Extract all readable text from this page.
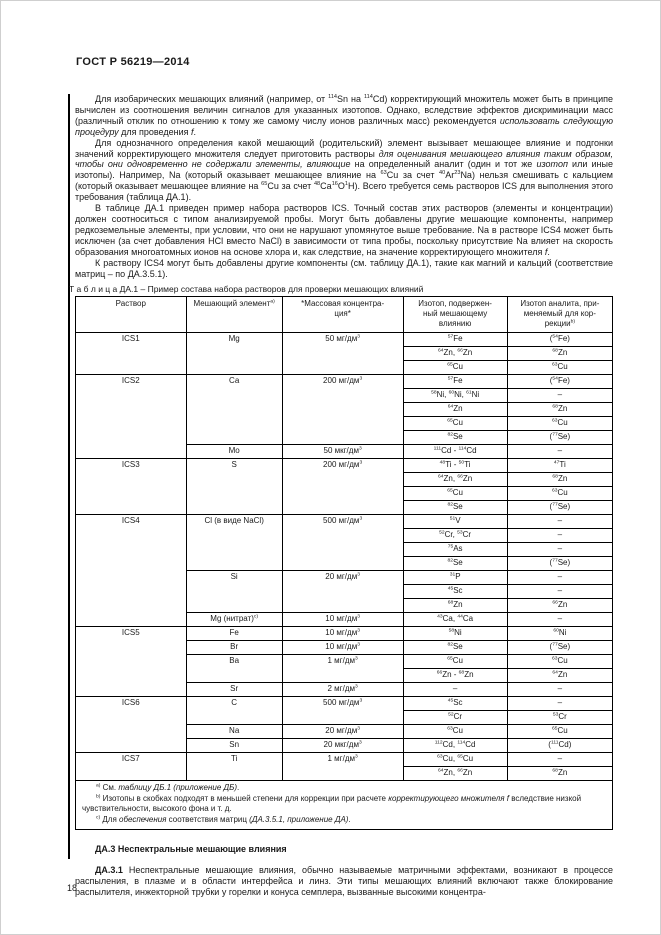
ГОСТ Р 56219—2014

Для изобарических мешающих влияний (например, от $^{114}$Sn на $^{114}$Cd) корректирующий множитель может быть в принципе вычислен из соотношения величин сигналов для указанных изотопов. Однако, вследствие эффектов дискриминации масс (различный отклик по отношению к тому же самому числу ионов различных масс) рекомендуется использовать следующую процедуру для проведения f.

Для однозначного определения какой мешающий (родительский) элемент вызывает мешающее влияние и подгонки значений корректирующего множителя следует приготовить растворы для оценивания мешающего влияния таким образом, чтобы они одновременно не содержали элементы, влияющие на определенный аналит (один и тот же изотоп или иные изотопы). Например, Na (который оказывает мешающее влияние на $^{63}$Cu за счет $^{40}$Ar$^{23}$Na) нельзя смешивать с кальцием (который оказывает мешающее влияние на $^{65}$Cu за счет $^{48}Ca^{16}O^1H$). Всего требуется семь растворов ICS для выполнения этого требования (таблица ДА.1).

В таблице ДА.1 приведен пример набора растворов ICS. Точный состав этих растворов (элементы и концентрации) должен соотноситься с типом анализируемой пробы. Могут быть добавлены другие мешающие компоненты, например редкоземельные элементы, при условии, что они не нарушают упомянутое выше требование. Na в растворе ICS4 может быть исключен (за счет добавления HCl вместо NaCl) в зависимости от типа пробы, поскольку присутствие Na влияет на скорость образования многоатомных ионов на основе хлора и, как следствие, на значение корректирующего множителя f.

К раствору ICS4 могут быть добавлены другие компоненты (см. таблицу ДА.1), такие как магний и кальций (соответствие матриц – по ДА.3.5.1).

Т а б л и ц а ДА.1 – Пример состава набора растворов для проверки мешающих влияний
Раствор	Мешающий элемент$^{a)}$	*Массовая концентра-
ция*	Изотоп, подвержен-
ный мешающему
влиянию	Изотоп аналита, при-
меняемый для кор-
рекции$^{b)}$
ICS1	Mg	50 $мг/дм^3$	$^{57}$Fe	($^{54}$Fe)
			$^{64}$Zn, $^{66}$Zn	$^{68}$Zn
			$^{65}$Cu	$^{63}$Cu
ICS2	Ca	200 $мг/дм^3$	$^{57}$Fe	($^{54}$Fe)
			$^{58}$Ni, $^{60}$Ni, $^{61}$Ni	–
			$^{64}$Zn	$^{68}$Zn
			$^{65}$Cu	$^{63}$Cu
			$^{82}$Se	($^{77}$Se)
	Mo	50 мкг/$дм^3$	$^{111}$Cd - $^{114}$Cd	–
ICS3	S	200 $мг/дм^3$	$^{48}$Ti - $^{50}$Ti	$^{47}$Ti
			$^{64}$Zn, $^{66}$Zn	$^{68}$Zn
			$^{65}$Cu	$^{63}$Cu
			$^{82}$Se	($^{77}$Se)
ICS4	Cl (в виде NaCl)	500 $мг/дм^3$	$^{51}$V	–
			$^{52}$Cr, $^{53}$Cr	–
			$^{75}$As	–
			$^{82}$Se	($^{77}$Se)
	Si	20 $мг/дм^3$	$^{31}$P	–
			$^{45}$Sc	–
			$^{68}$Zn	$^{66}$Zn
	Mg (нитрат)$^{c)}$	10 $мг/дм^3$	$^{43}$Ca, $^{44}$Ca	–
ICS5	Fe	10 $мг/дм^3$	$^{58}$Ni	$^{60}$Ni
	Br	10 $мг/дм^3$	$^{82}$Se	($^{77}$Se)
	Ba	1 $мг/дм^3$	$^{65}$Cu	$^{63}$Cu
			$^{66}$Zn - $^{68}$Zn	$^{64}$Zn
	Sr	2 $мг/дм^3$	–	–
ICS6	C	500 $мг/дм^3$	$^{45}$Sc	–
			$^{52}$Cr	$^{53}$Cr
	Na	20 $мг/дм^3$	$^{63}$Cu	$^{65}$Cu
	Sn	20 мкг/$дм^3$	$^{112}$Cd, $^{114}$Cd	($^{111}$Cd)
ICS7	Ti	1 $мг/дм^3$	$^{63}$Cu, $^{65}$Cu	–
			$^{64}$Zn, $^{66}$Zn	$^{68}$Zn

$^{a)}$ См. таблицу ДБ.1 (приложение ДБ).
$^{b)}$ Изотопы в скобках подходят в меньшей степени для коррекции при расчете корректирующего множителя f вследствие низкой чувствительности, высокого фона и т. д.
$^{c)}$ Для обеспечения соответствия матриц (ДА.3.5.1, приложение ДА).				
ДА.3 Неспектральные мешающие влияния

ДА.3.1 Неспектральные мешающие влияния, обычно называемые матричными эффектами, возникают в процессе распыления, в плазме и в области интерфейса и линз. Эти типы мешающих влияний включают также блокирование распылителя, инжекторной трубки у горелки и конуса семплера, вызванные высокими концентра-

18
